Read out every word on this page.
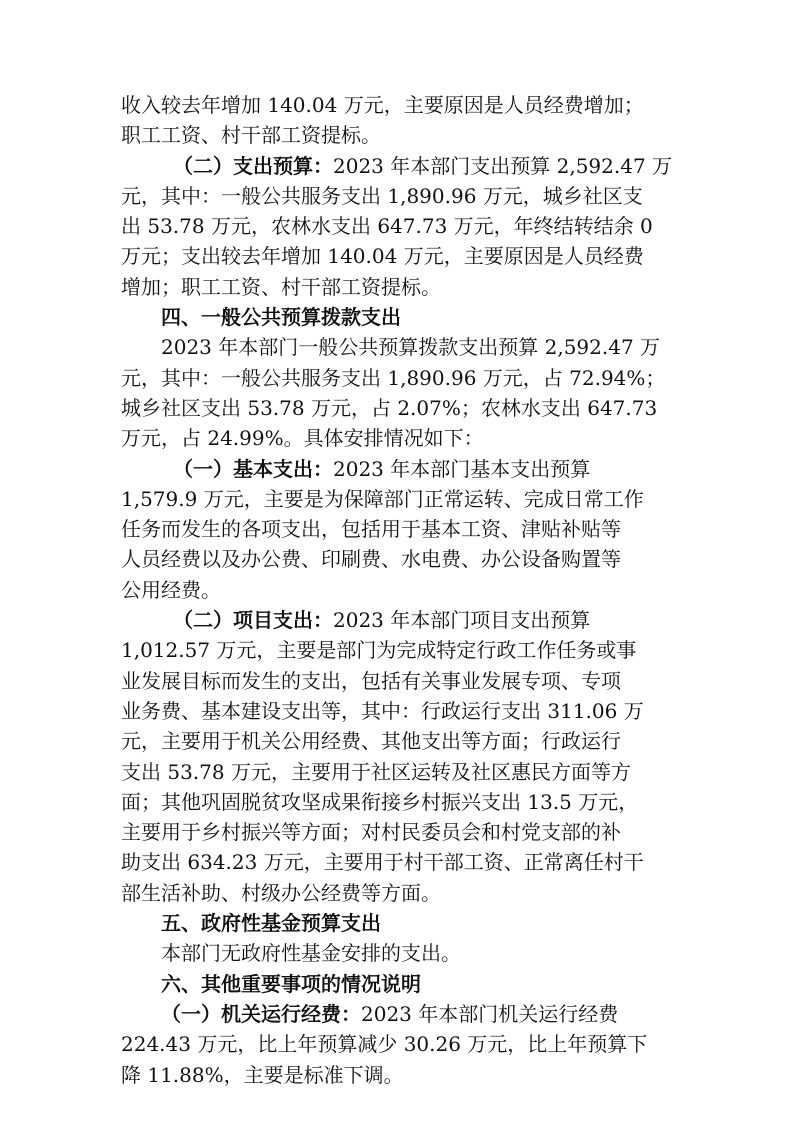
收入较去年增加 140.04 万元，主要原因是人员经费增加；
职工工资、村干部工资提标。
（二）支出预算：2023 年本部门支出预算 2,592.47 万
元，其中：一般公共服务支出 1,890.96 万元，城乡社区支
出 53.78 万元，农林水支出 647.73 万元，年终结转结余 0
万元；支出较去年增加 140.04 万元，主要原因是人员经费
增加；职工工资、村干部工资提标。
四、一般公共预算拨款支出
2023 年本部门一般公共预算拨款支出预算 2,592.47 万
元，其中：一般公共服务支出 1,890.96 万元，占 72.94%；
城乡社区支出 53.78 万元，占 2.07%；农林水支出 647.73
万元，占 24.99%。具体安排情况如下：
（一）基本支出：2023 年本部门基本支出预算
1,579.9 万元，主要是为保障部门正常运转、完成日常工作
任务而发生的各项支出，包括用于基本工资、津贴补贴等
人员经费以及办公费、印刷费、水电费、办公设备购置等
公用经费。
（二）项目支出：2023 年本部门项目支出预算
1,012.57 万元，主要是部门为完成特定行政工作任务或事
业发展目标而发生的支出，包括有关事业发展专项、专项
业务费、基本建设支出等，其中：行政运行支出 311.06 万
元，主要用于机关公用经费、其他支出等方面；行政运行
支出 53.78 万元，主要用于社区运转及社区惠民方面等方
面；其他巩固脱贫攻坚成果衔接乡村振兴支出 13.5 万元，
主要用于乡村振兴等方面；对村民委员会和村党支部的补
助支出 634.23 万元，主要用于村干部工资、正常离任村干
部生活补助、村级办公经费等方面。
五、政府性基金预算支出
本部门无政府性基金安排的支出。
六、其他重要事项的情况说明
（一）机关运行经费：2023 年本部门机关运行经费
224.43 万元，比上年预算减少 30.26 万元，比上年预算下
降 11.88%，主要是标准下调。
